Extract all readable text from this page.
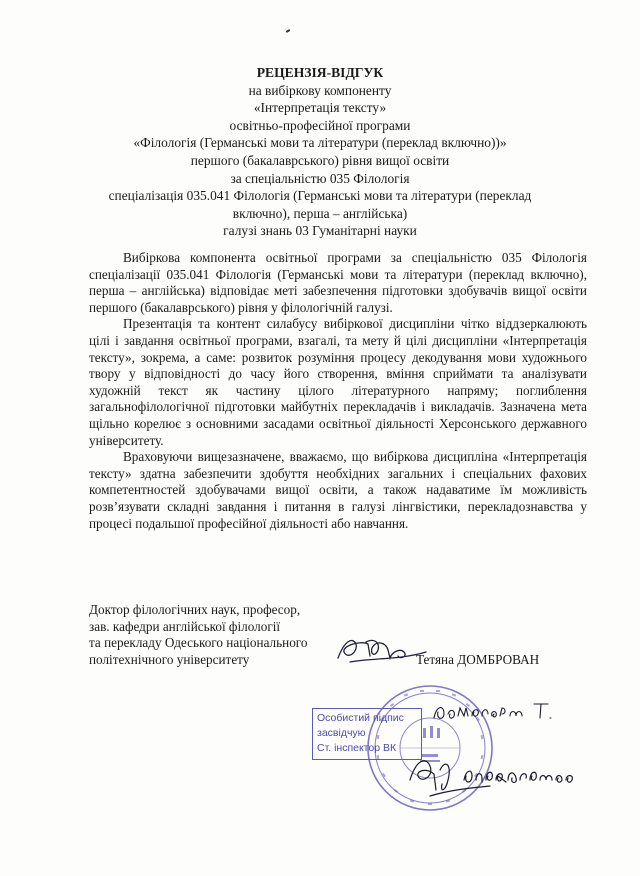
РЕЦЕНЗІЯ-ВІДГУК
на вибіркову компоненту
«Інтерпретація тексту»
освітньо-професійної програми
«Філологія (Германські мови та літератури (переклад включно))»
першого (бакалаврського) рівня вищої освіти
за спеціальністю 035 Філологія
спеціалізація 035.041 Філологія (Германські мови та літератури (переклад
включно), перша – англійська)
галузі знань 03 Гуманітарні науки

Вибіркова компонента освітньої програми за спеціальністю 035 Філологія спеціалізації 035.041 Філологія (Германські мови та літератури (переклад включно), перша – англійська) відповідає меті забезпечення підготовки здобувачів вищої освіти першого (бакалаврського) рівня у філологічній галузі.

Презентація та контент силабусу вибіркової дисципліни чітко віддзеркалюють цілі і завдання освітньої програми, взагалі, та мету й цілі дисципліни «Інтерпретація тексту», зокрема, а саме: розвиток розуміння процесу декодування мови художнього твору у відповідності до часу його створення, вміння сприймати та аналізувати художній текст як частину цілого літературного напряму; поглиблення загальнофілологічної підготовки майбутніх перекладачів і викладачів. Зазначена мета щільно корелює з основними засадами освітньої діяльності Херсонського державного університету.

Враховуючи вищезазначене, вважаємо, що вибіркова дисципліна «Інтерпретація тексту» здатна забезпечити здобуття необхідних загальних і спеціальних фахових компетентностей здобувачами вищої освіти, а також надаватиме їм можливість розв’язувати складні завдання і питання в галузі лінгвістики, перекладознавства у процесі подальшої професійної діяльності або навчання.

Доктор філологічних наук, професор,
зав. кафедри англійської філології
та перекладу Одеського національного
політехнічного університету	Тетяна ДОМБРОВАН
Особистий підпис
засвідчую
Ст. інспектор ВК
